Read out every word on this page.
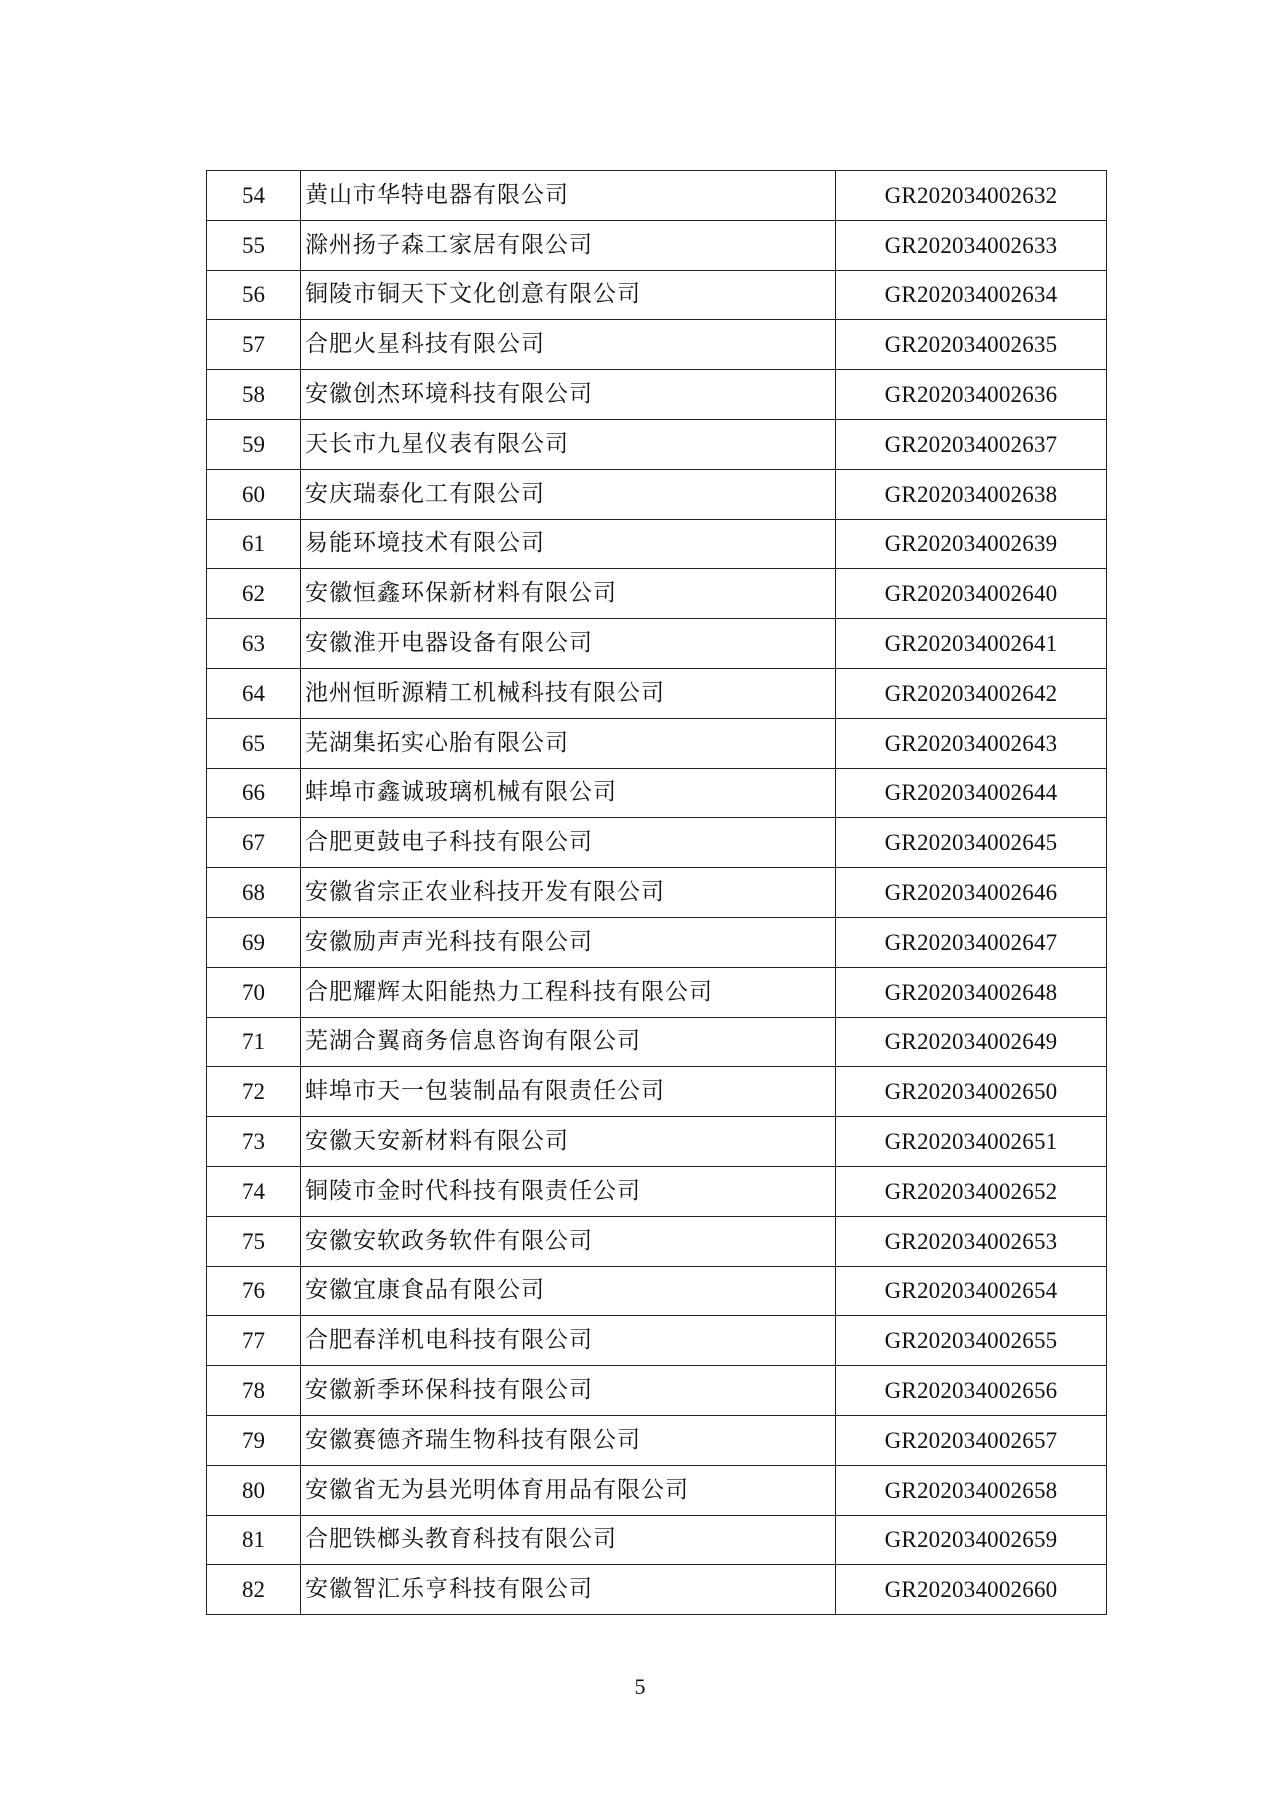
54	黄山市华特电器有限公司	GR202034002632
55	滁州扬子森工家居有限公司	GR202034002633
56	铜陵市铜天下文化创意有限公司	GR202034002634
57	合肥火星科技有限公司	GR202034002635
58	安徽创杰环境科技有限公司	GR202034002636
59	天长市九星仪表有限公司	GR202034002637
60	安庆瑞泰化工有限公司	GR202034002638
61	易能环境技术有限公司	GR202034002639
62	安徽恒鑫环保新材料有限公司	GR202034002640
63	安徽淮开电器设备有限公司	GR202034002641
64	池州恒昕源精工机械科技有限公司	GR202034002642
65	芜湖集拓实心胎有限公司	GR202034002643
66	蚌埠市鑫诚玻璃机械有限公司	GR202034002644
67	合肥更鼓电子科技有限公司	GR202034002645
68	安徽省宗正农业科技开发有限公司	GR202034002646
69	安徽励声声光科技有限公司	GR202034002647
70	合肥耀辉太阳能热力工程科技有限公司	GR202034002648
71	芜湖合翼商务信息咨询有限公司	GR202034002649
72	蚌埠市天一包装制品有限责任公司	GR202034002650
73	安徽天安新材料有限公司	GR202034002651
74	铜陵市金时代科技有限责任公司	GR202034002652
75	安徽安软政务软件有限公司	GR202034002653
76	安徽宜康食品有限公司	GR202034002654
77	合肥春洋机电科技有限公司	GR202034002655
78	安徽新季环保科技有限公司	GR202034002656
79	安徽赛德齐瑞生物科技有限公司	GR202034002657
80	安徽省无为县光明体育用品有限公司	GR202034002658
81	合肥铁榔头教育科技有限公司	GR202034002659
82	安徽智汇乐亨科技有限公司	GR202034002660
5
